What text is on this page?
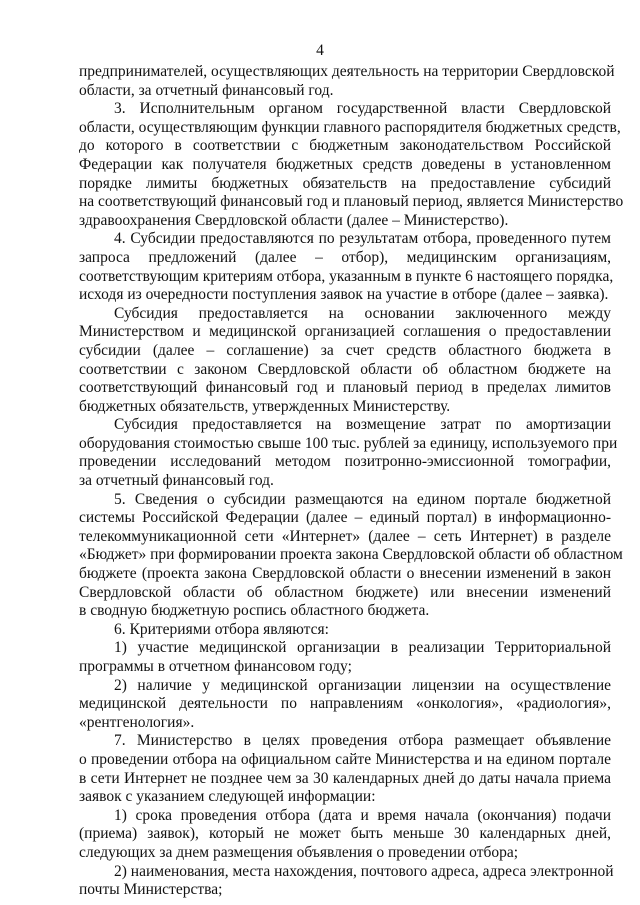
4
предпринимателей, осуществляющих деятельность на территории Свердловской
области, за отчетный финансовый год.
3. Исполнительным органом государственной власти Свердловской
области, осуществляющим функции главного распорядителя бюджетных средств,
до которого в соответствии с бюджетным законодательством Российской
Федерации как получателя бюджетных средств доведены в установленном
порядке лимиты бюджетных обязательств на предоставление субсидий
на соответствующий финансовый год и плановый период, является Министерство
здравоохранения Свердловской области (далее – Министерство).
4. Субсидии предоставляются по результатам отбора, проведенного путем
запроса предложений (далее – отбор), медицинским организациям,
соответствующим критериям отбора, указанным в пункте 6 настоящего порядка,
исходя из очередности поступления заявок на участие в отборе (далее – заявка).
Субсидия предоставляется на основании заключенного между
Министерством и медицинской организацией соглашения о предоставлении
субсидии (далее – соглашение) за счет средств областного бюджета в
соответствии с законом Свердловской области об областном бюджете на
соответствующий финансовый год и плановый период в пределах лимитов
бюджетных обязательств, утвержденных Министерству.
Субсидия предоставляется на возмещение затрат по амортизации
оборудования стоимостью свыше 100 тыс. рублей за единицу, используемого при
проведении исследований методом позитронно-эмиссионной томографии,
за отчетный финансовый год.
5. Сведения о субсидии размещаются на едином портале бюджетной
системы Российской Федерации (далее – единый портал) в информационно-
телекоммуникационной сети «Интернет» (далее – сеть Интернет) в разделе
«Бюджет» при формировании проекта закона Свердловской области об областном
бюджете (проекта закона Свердловской области о внесении изменений в закон
Свердловской области об областном бюджете) или внесении изменений
в сводную бюджетную роспись областного бюджета.
6. Критериями отбора являются:
1) участие медицинской организации в реализации Территориальной
программы в отчетном финансовом году;
2) наличие у медицинской организации лицензии на осуществление
медицинской деятельности по направлениям «онкология», «радиология»,
«рентгенология».
7. Министерство в целях проведения отбора размещает объявление
о проведении отбора на официальном сайте Министерства и на едином портале
в сети Интернет не позднее чем за 30 календарных дней до даты начала приема
заявок с указанием следующей информации:
1) срока проведения отбора (дата и время начала (окончания) подачи
(приема) заявок), который не может быть меньше 30 календарных дней,
следующих за днем размещения объявления о проведении отбора;
2) наименования, места нахождения, почтового адреса, адреса электронной
почты Министерства;
